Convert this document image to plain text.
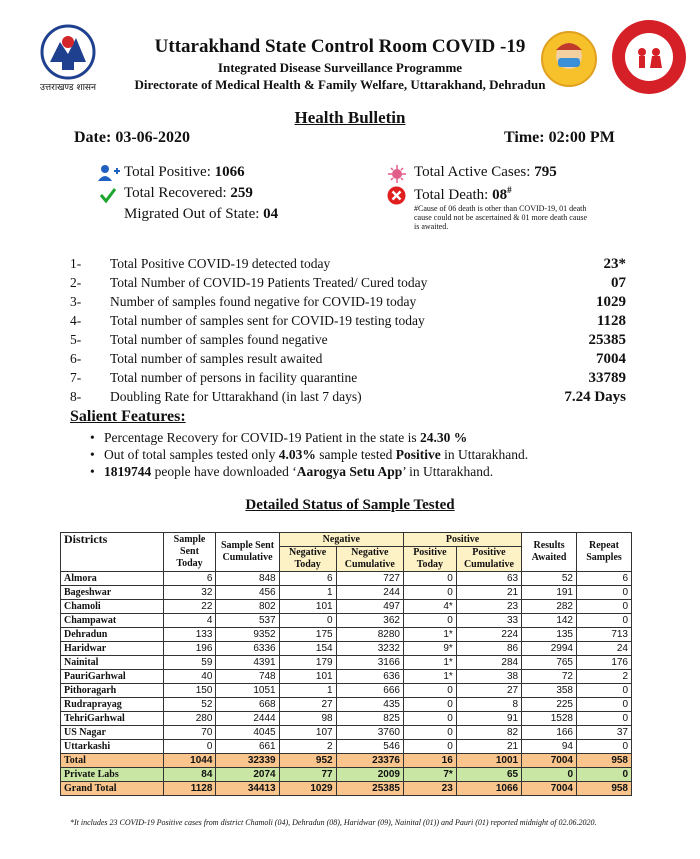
उत्तराखण्ड शासन
Uttarakhand State Control Room COVID -19
Integrated Disease Surveillance Programme
Directorate of Medical Health & Family Welfare, Uttarakhand, Dehradun
Health Bulletin
Date: 03-06-2020	Time: 02:00 PM
Total Positive: 1066
Total Recovered: 259
Migrated Out of State: 04
Total Active Cases: 795
Total Death: 08#
#Cause of 06 death is other than COVID-19, 01 death cause could not be ascertained & 01 more death cause is awaited.
1- Total Positive COVID-19 detected today	23*
2- Total Number of COVID-19 Patients Treated/ Cured today	07
3- Number of samples found negative for COVID-19 today	1029
4- Total number of samples sent for COVID-19 testing today	1128
5- Total number of samples found negative	25385
6- Total number of samples result awaited	7004
7- Total number of persons in facility quarantine	33789
8- Doubling Rate for Uttarakhand (in last 7 days)	7.24 Days
Salient Features:
• Percentage Recovery for COVID-19 Patient in the state is 24.30 %
• Out of total samples tested only 4.03% sample tested Positive in Uttarakhand.
• 1819744 people have downloaded ‘Aarogya Setu App’ in Uttarakhand.
Detailed Status of Sample Tested
Districts	Sample Sent Today	Sample Sent Cumulative	Negative		Positive		Results Awaited	Repeat Samples
			Negative Today	Negative Cumulative	Positive Today	Positive Cumulative		
Almora	6	848	6	727	0	63	52	6
Bageshwar	32	456	1	244	0	21	191	0
Chamoli	22	802	101	497	4*	23	282	0
Champawat	4	537	0	362	0	33	142	0
Dehradun	133	9352	175	8280	1*	224	135	713
Haridwar	196	6336	154	3232	9*	86	2994	24
Nainital	59	4391	179	3166	1*	284	765	176
PauriGarhwal	40	748	101	636	1*	38	72	2
Pithoragarh	150	1051	1	666	0	27	358	0
Rudraprayag	52	668	27	435	0	8	225	0
TehriGarhwal	280	2444	98	825	0	91	1528	0
US Nagar	70	4045	107	3760	0	82	166	37
Uttarkashi	0	661	2	546	0	21	94	0
Total	1044	32339	952	23376	16	1001	7004	958
Private Labs	84	2074	77	2009	7*	65	0	0
Grand Total	1128	34413	1029	25385	23	1066	7004	958
*It includes 23 COVID-19 Positive cases from district Chamoli (04), Dehradun (08), Haridwar (09), Nainital (01)) and Pauri (01) reported midnight of 02.06.2020.
